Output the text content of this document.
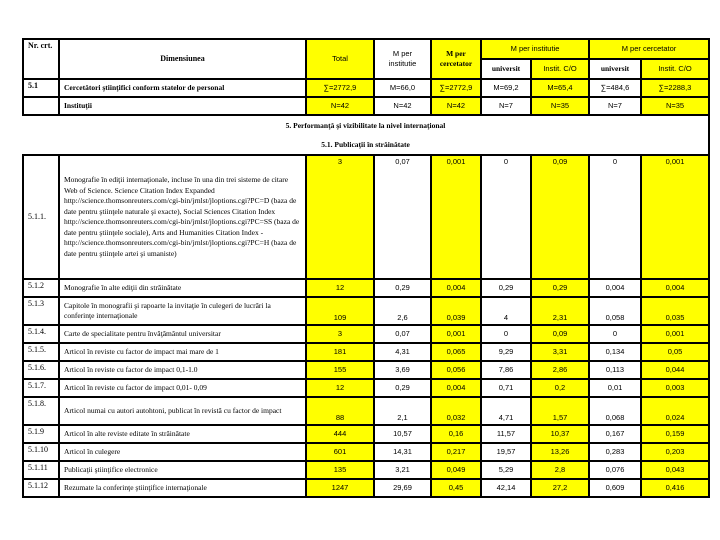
Nr. crt.	Dimensiunea	Total	M per institutie	M per cercetator	M per institutie		M per cercetator	
					universit	Instit. C/O	universit	Instit. C/O
5.1	Cercetători ştiinţifici conform statelor de personal	∑=2772,9	M=66,0	∑=2772,9	M=69,2	M=65,4	∑=484,6	∑=2288,3
	Instituţii	N=42	N=42	N=42	N=7	N=35	N=7	N=35
5. Performanţă şi vizibilitate la nivel internaţional								
5.1. Publicaţii în străinătate								
5.1.1.	Monografie în ediţii internaţionale, incluse în una din trei sisteme de citare Web of Science. Science Citation Index Expanded http://science.thomsonreuters.com/cgi-bin/jrnlst/jloptions.cgi?PC=D (baza de date pentru ştiinţele naturale şi exacte), Social Sciences Citation Index http://science.thomsonreuters.com/cgi-bin/jrnlst/jloptions.cgi?PC=SS (baza de date pentru ştiinţele sociale), Arts and Humanities Citation Index - http://science.thomsonreuters.com/cgi-bin/jrnlst/jloptions.cgi?PC=H (baza de date pentru ştiinţele artei şi umaniste)	3	0,07	0,001	0	0,09	0	0,001
5.1.2	Monografie în alte ediţii din străinătate	12	0,29	0,004	0,29	0,29	0,004	0,004
5.1.3	Capitole în monografii şi rapoarte la invitaţie în culegeri de lucrări la conferinţe internaţionale	109	2,6	0,039	4	2,31	0,058	0,035
5.1.4.	Carte de specialitate pentru învăţământul universitar	3	0,07	0,001	0	0,09	0	0,001
5.1.5.	Articol în reviste cu factor de impact mai mare de 1	181	4,31	0,065	9,29	3,31	0,134	0,05
5.1.6.	Articol în reviste cu factor de impact 0,1-1.0	155	3,69	0,056	7,86	2,86	0,113	0,044
5.1.7.	Articol în reviste cu factor de impact 0,01- 0,09	12	0,29	0,004	0,71	0,2	0,01	0,003
5.1.8.	Articol numai cu autori autohtoni, publicat în revistă cu factor de impact	88	2,1	0,032	4,71	1,57	0,068	0,024
5.1.9	Articol în alte reviste editate în străinătate	444	10,57	0,16	11,57	10,37	0,167	0,159
5.1.10	Articol în culegere	601	14,31	0,217	19,57	13,26	0,283	0,203
5.1.11	Publicaţii ştiinţifice electronice	135	3,21	0,049	5,29	2,8	0,076	0,043
5.1.12	Rezumate la conferinţe ştiinţifice internaţionale	1247	29,69	0,45	42,14	27,2	0,609	0,416
